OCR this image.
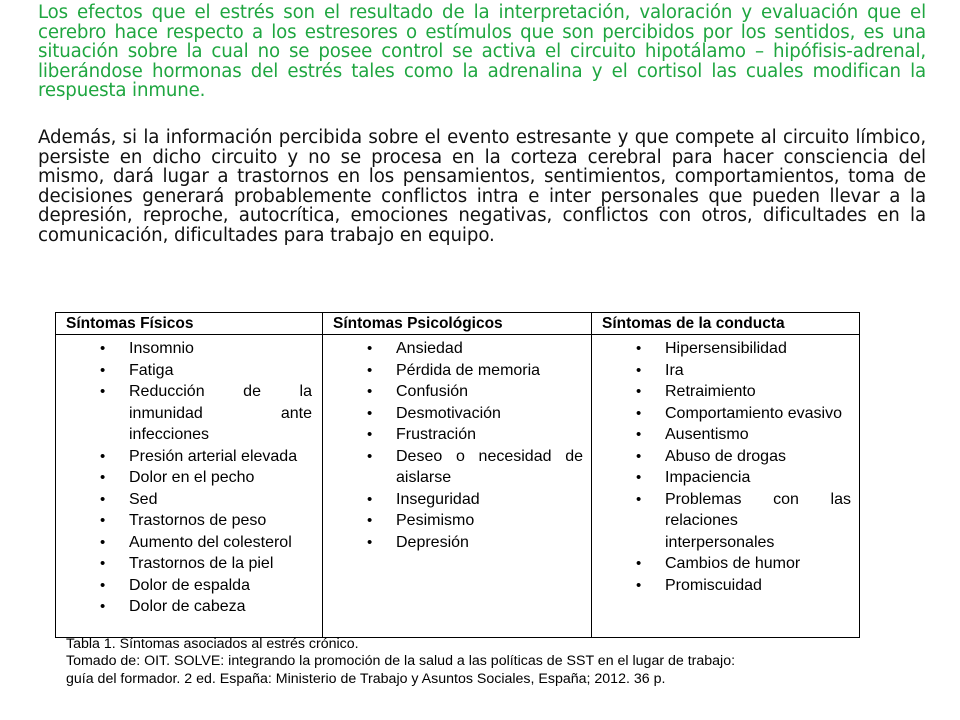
Los efectos que el estrés son el resultado de la interpretación, valoración y evaluación que el cerebro hace respecto a los estresores o estímulos que son percibidos por los sentidos, es una situación sobre la cual no se posee control se activa el circuito hipotálamo – hipófisis-adrenal, liberándose hormonas del estrés tales como la adrenalina y el cortisol las cuales modifican la respuesta inmune.

Además, si la información percibida sobre el evento estresante y que compete al circuito límbico, persiste en dicho circuito y no se procesa en la corteza cerebral para hacer consciencia del mismo, dará lugar a trastornos en los pensamientos, sentimientos, comportamientos, toma de decisiones generará probablemente conflictos intra e inter personales que pueden llevar a la depresión, reproche, autocrítica, emociones negativas, conflictos con otros, dificultades en la comunicación, dificultades para trabajo en equipo.

Síntomas Físicos
• Insomnio
• Fatiga
• Reducción de la inmunidad ante infecciones
• Presión arterial elevada
• Dolor en el pecho
• Sed
• Trastornos de peso
• Aumento del colesterol
• Trastornos de la piel
• Dolor de espalda
• Dolor de cabeza
Síntomas Psicológicos
• Ansiedad
• Pérdida de memoria
• Confusión
• Desmotivación
• Frustración
• Deseo o necesidad de aislarse
• Inseguridad
• Pesimismo
• Depresión
Síntomas de la conducta
• Hipersensibilidad
• Ira
• Retraimiento
• Comportamiento evasivo
• Ausentismo
• Abuso de drogas
• Impaciencia
• Problemas con las relaciones interpersonales
• Cambios de humor
• Promiscuidad
Tabla 1. Síntomas asociados al estrés crónico.
Tomado de: OIT. SOLVE: integrando la promoción de la salud a las políticas de SST en el lugar de trabajo:
guía del formador. 2 ed. España: Ministerio de Trabajo y Asuntos Sociales, España; 2012. 36 p.
